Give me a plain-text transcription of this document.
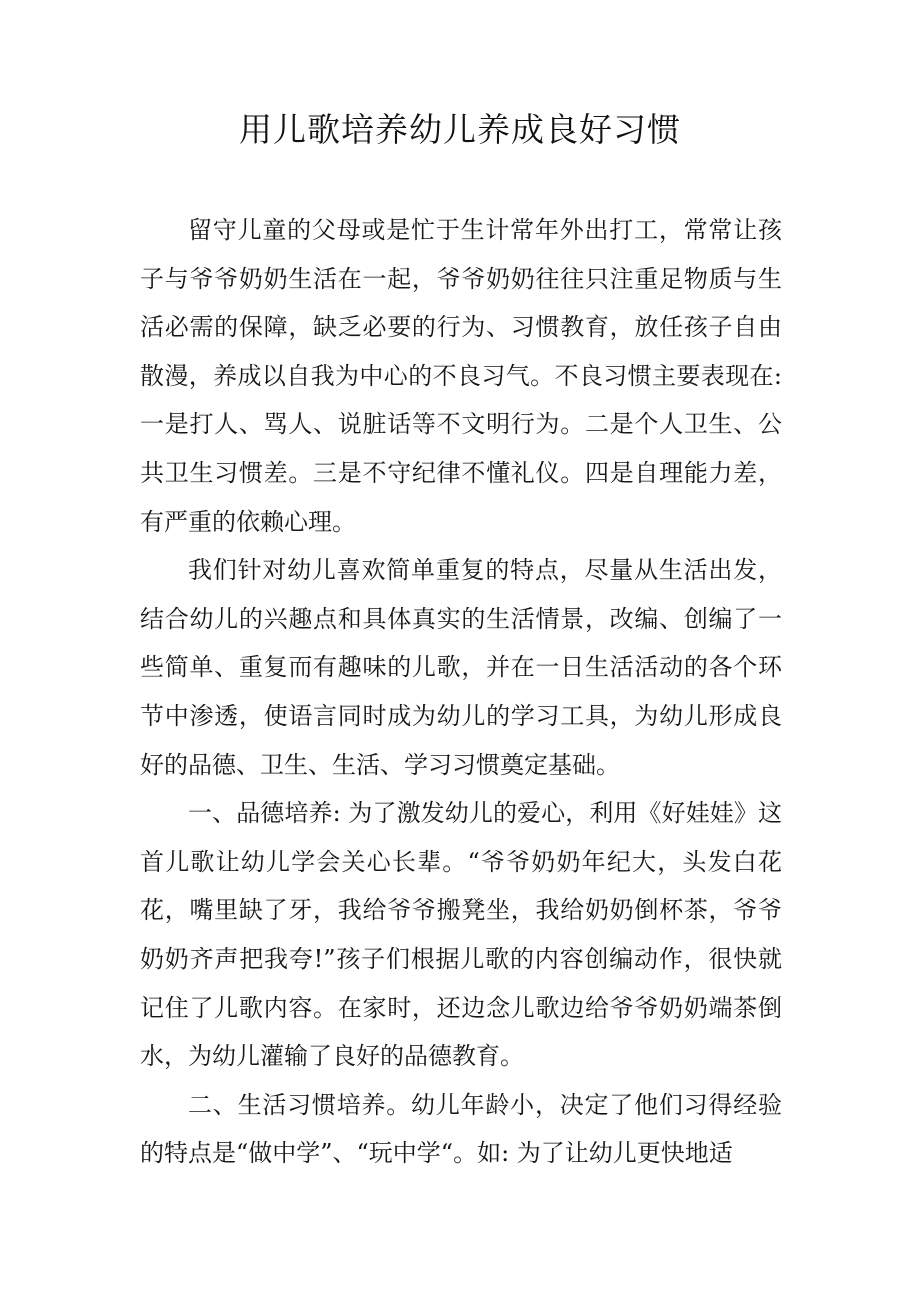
用儿歌培养幼儿养成良好习惯

留守儿童的父母或是忙于生计常年外出打工，常常让孩子与爷爷奶奶生活在一起，爷爷奶奶往往只注重足物质与生活必需的保障，缺乏必要的行为、习惯教育，放任孩子自由散漫，养成以自我为中心的不良习气。不良习惯主要表现在:一是打人、骂人、说脏话等不文明行为。二是个人卫生、公共卫生习惯差。三是不守纪律不懂礼仪。四是自理能力差，有严重的依赖心理。

我们针对幼儿喜欢简单重复的特点，尽量从生活出发，结合幼儿的兴趣点和具体真实的生活情景，改编、创编了一些简单、重复而有趣味的儿歌，并在一日生活活动的各个环节中渗透，使语言同时成为幼儿的学习工具，为幼儿形成良好的品德、卫生、生活、学习习惯奠定基础。

一、品德培养: 为了激发幼儿的爱心，利用《好娃娃》这首儿歌让幼儿学会关心长辈。“爷爷奶奶年纪大，头发白花花，嘴里缺了牙，我给爷爷搬凳坐，我给奶奶倒杯茶，爷爷奶奶齐声把我夸!”孩子们根据儿歌的内容创编动作，很快就记住了儿歌内容。在家时，还边念儿歌边给爷爷奶奶端茶倒水，为幼儿灌输了良好的品德教育。

二、生活习惯培养。幼儿年龄小，决定了他们习得经验的特点是“做中学”、“玩中学“。如: 为了让幼儿更快地适
